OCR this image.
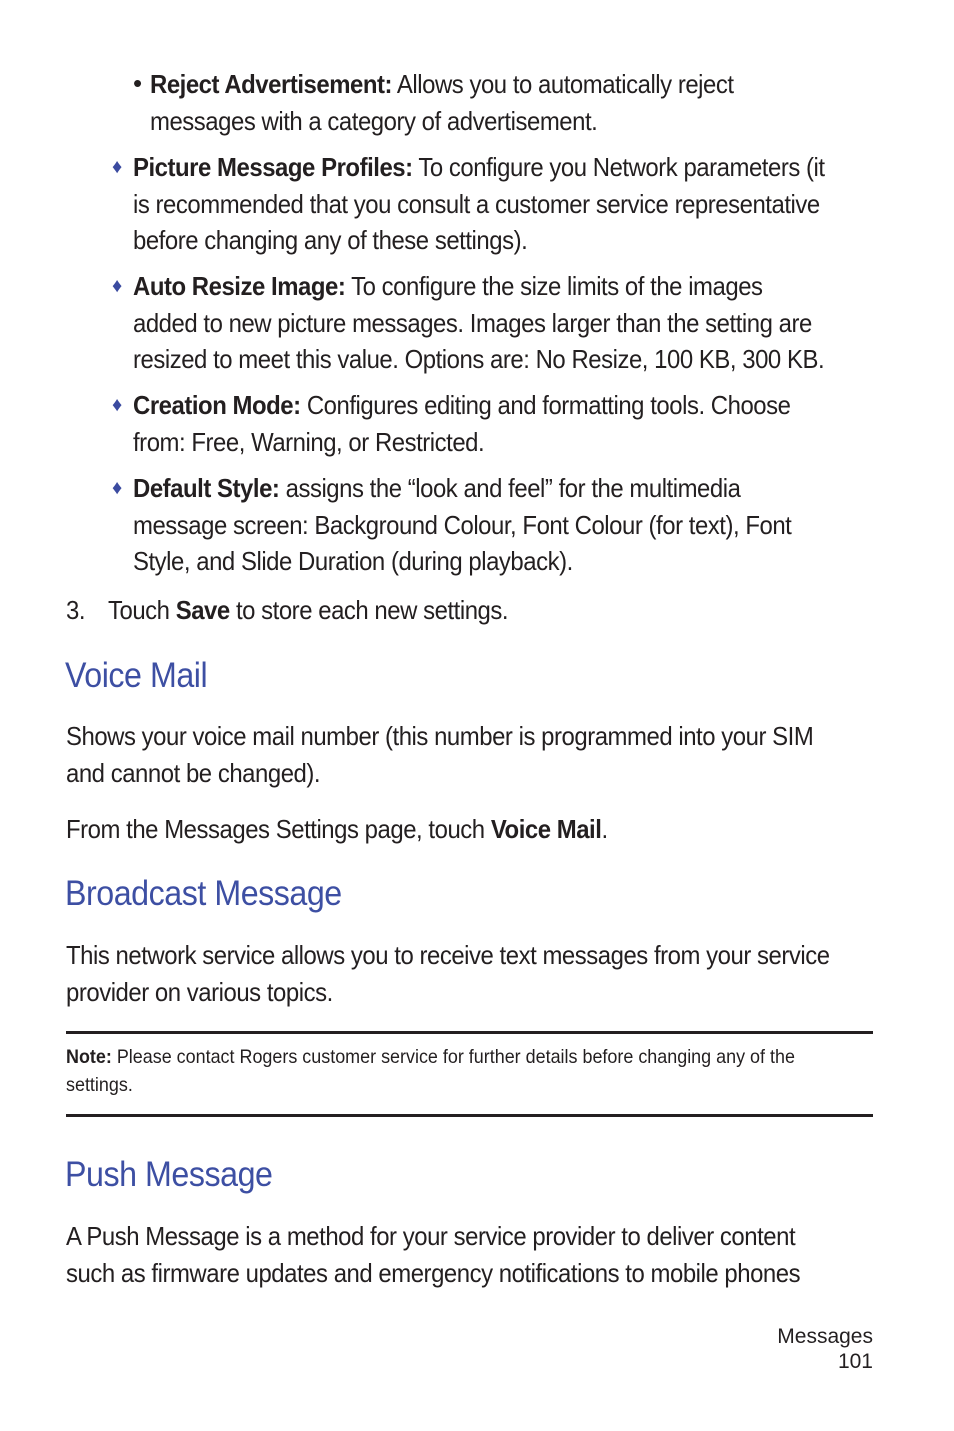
• Reject Advertisement: Allows you to automatically reject
messages with a category of advertisement.
♦ Picture Message Profiles: To configure you Network parameters (it
is recommended that you consult a customer service representative
before changing any of these settings).
♦ Auto Resize Image: To configure the size limits of the images
added to new picture messages. Images larger than the setting are
resized to meet this value. Options are: No Resize, 100 KB, 300 KB.
♦ Creation Mode: Configures editing and formatting tools. Choose
from: Free, Warning, or Restricted.
♦ Default Style: assigns the “look and feel” for the multimedia
message screen: Background Colour, Font Colour (for text), Font
Style, and Slide Duration (during playback).
3. Touch Save to store each new settings.
Voice Mail
Shows your voice mail number (this number is programmed into your SIM
and cannot be changed).
From the Messages Settings page, touch Voice Mail.
Broadcast Message
This network service allows you to receive text messages from your service
provider on various topics.
Note: Please contact Rogers customer service for further details before changing any of the
settings.
Push Message
A Push Message is a method for your service provider to deliver content
such as firmware updates and emergency notifications to mobile phones
Messages
101
